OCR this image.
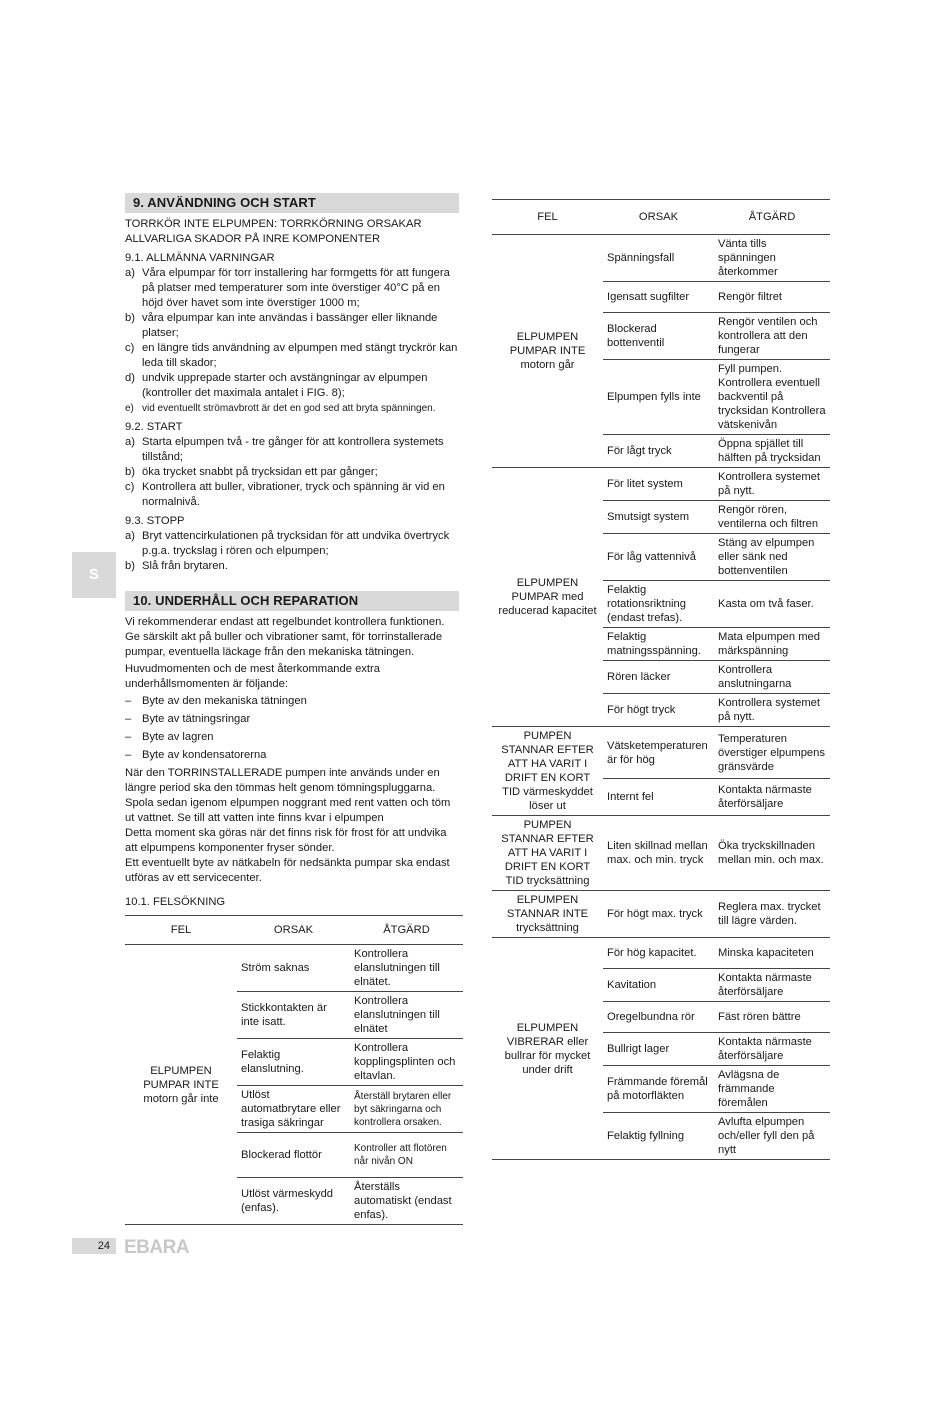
9. ANVÄNDNING OCH START
TORRKÖR INTE ELPUMPEN: TORRKÖRNING ORSAKAR ALLVARLIGA SKADOR PÅ INRE KOMPONENTER
9.1. ALLMÄNNA VARNINGAR
a) Våra elpumpar för torr installering har formgetts för att fungera på platser med temperaturer som inte överstiger 40°C på en höjd över havet som inte överstiger 1000 m;
b) våra elpumpar kan inte användas i bassänger eller liknande platser;
c) en längre tids användning av elpumpen med stängt tryckrör kan leda till skador;
d) undvik upprepade starter och avstängningar av elpumpen (kontroller det maximala antalet i FIG. 8);
e) vid eventuellt strömavbrott är det en god sed att bryta spänningen.
9.2. START
a) Starta elpumpen två - tre gånger för att kontrollera systemets tillstånd;
b) öka trycket snabbt på trycksidan ett par gånger;
c) Kontrollera att buller, vibrationer, tryck och spänning är vid en normalnivå.
9.3. STOPP
a) Bryt vattencirkulationen på trycksidan för att undvika övertryck p.g.a. tryckslag i rören och elpumpen;
b) Slå från brytaren.
S
10. UNDERHÅLL OCH REPARATION
Vi rekommenderar endast att regelbundet kontrollera funktionen. Ge särskilt akt på buller och vibrationer samt, för torrinstallerade pumpar, eventuella läckage från den mekaniska tätningen.
Huvudmomenten och de mest återkommande extra underhållsmomenten är följande:
– Byte av den mekaniska tätningen
– Byte av tätningsringar
– Byte av lagren
– Byte av kondensatorerna
När den TORRINSTALLERADE pumpen inte används under en längre period ska den tömmas helt genom tömningspluggarna. Spola sedan igenom elpumpen noggrant med rent vatten och töm ut vattnet. Se till att vatten inte finns kvar i elpumpen
Detta moment ska göras när det finns risk för frost för att undvika att elpumpens komponenter fryser sönder.
Ett eventuellt byte av nätkabeln för nedsänkta pumpar ska endast utföras av ett servicecenter.
10.1. FELSÖKNING
FEL	ORSAK	ÅTGÄRD
ELPUMPEN PUMPAR INTE motorn går inte	Ström saknas	Kontrollera elanslutningen till elnätet.
	Stickkontakten är inte isatt.	Kontrollera elanslutningen till elnätet
	Felaktig elanslutning.	Kontrollera kopplingsplinten och eltavlan.
	Utlöst automatbrytare eller trasiga säkringar	Återställ brytaren eller byt säkringarna och kontrollera orsaken.
	Blockerad flottör	Kontroller att flotören når nivån ON
	Utlöst värmeskydd (enfas).	Återställs automatiskt (endast enfas).
FEL	ORSAK	ÅTGÄRD
ELPUMPEN PUMPAR INTE motorn går	Spänningsfall	Vänta tills spänningen återkommer
	Igensatt sugfilter	Rengör filtret
	Blockerad bottenventil	Rengör ventilen och kontrollera att den fungerar
	Elpumpen fylls inte	Fyll pumpen. Kontrollera eventuell backventil på trycksidan Kontrollera vätskenivån
	För lågt tryck	Öppna spjället till hälften på trycksidan
ELPUMPEN PUMPAR med reducerad kapacitet	För litet system	Kontrollera systemet på nytt.
	Smutsigt system	Rengör rören, ventilerna och filtren
	För låg vattennivå	Stäng av elpumpen eller sänk ned bottenventilen
	Felaktig rotationsriktning (endast trefas).	Kasta om två faser.
	Felaktig matningsspänning.	Mata elpumpen med märkspänning
	Rören läcker	Kontrollera anslutningarna
	För högt tryck	Kontrollera systemet på nytt.
PUMPEN STANNAR EFTER ATT HA VARIT I DRIFT EN KORT TID värmeskyddet löser ut	Vätsketemperaturen är för hög	Temperaturen överstiger elpumpens gränsvärde
	Internt fel	Kontakta närmaste återförsäljare
PUMPEN STANNAR EFTER ATT HA VARIT I DRIFT EN KORT TID trycksättning	Liten skillnad mellan max. och min. tryck	Öka tryckskillnaden mellan min. och max.
ELPUMPEN STANNAR INTE trycksättning	För högt max. tryck	Reglera max. trycket till lägre värden.
ELPUMPEN VIBRERAR eller bullrar för mycket under drift	För hög kapacitet.	Minska kapaciteten
	Kavitation	Kontakta närmaste återförsäljare
	Oregelbundna rör	Fäst rören bättre
	Bullrigt lager	Kontakta närmaste återförsäljare
	Främmande föremål på motorfläkten	Avlägsna de främmande föremålen
	Felaktig fyllning	Avlufta elpumpen och/eller fyll den på nytt
24 EBARA
